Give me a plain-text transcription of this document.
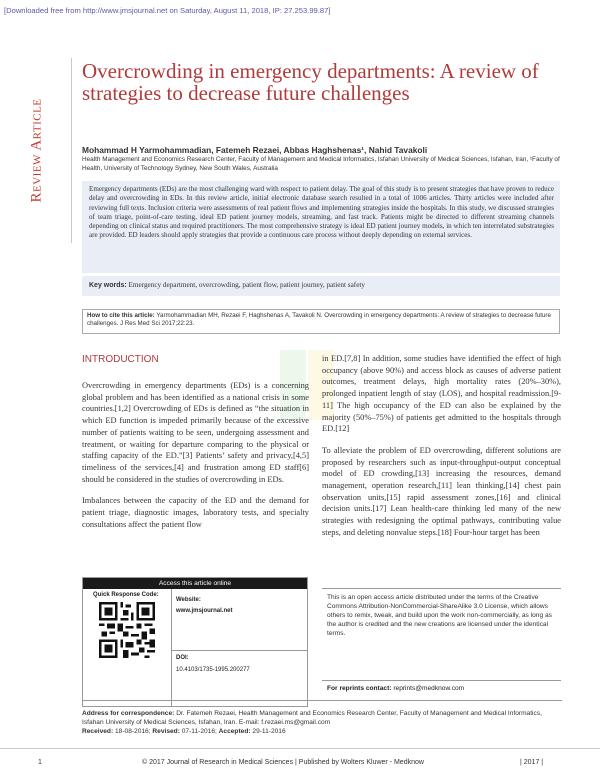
[Downloaded free from http://www.jmsjournal.net on Saturday, August 11, 2018, IP: 27.253.99.87]
Review Article
Overcrowding in emergency departments: A review of strategies to decrease future challenges
Mohammad H Yarmohammadian, Fatemeh Rezaei, Abbas Haghshenas¹, Nahid Tavakoli
Health Management and Economics Research Center, Faculty of Management and Medical Informatics, Isfahan University of Medical Sciences, Isfahan, Iran, ¹Faculty of Health, University of Technology Sydney, New South Wales, Australia
Emergency departments (EDs) are the most challenging ward with respect to patient delay. The goal of this study is to present strategies that have proven to reduce delay and overcrowding in EDs. In this review article, initial electronic database search resulted in a total of 1006 articles. Thirty articles were included after reviewing full texts. Inclusion criteria were assessments of real patient flows and implementing strategies inside the hospitals. In this study, we discussed strategies of team triage, point-of-care testing, ideal ED patient journey models, streaming, and fast track. Patients might be directed to different streaming channels depending on clinical status and required practitioners. The most comprehensive strategy is ideal ED patient journey models, in which ten interrelated substrategies are provided. ED leaders should apply strategies that provide a continuous care process without deeply depending on external services.
Key words: Emergency department, overcrowding, patient flow, patient journey, patient safety
How to cite this article: Yarmohammadian MH, Rezaei F, Haghshenas A, Tavakoli N. Overcrowding in emergency departments: A review of strategies to decrease future challenges. J Res Med Sci 2017;22:23.
INTRODUCTION

Overcrowding in emergency departments (EDs) is a concerning global problem and has been identified as a national crisis in some countries.[1,2] Overcrowding of EDs is defined as “the situation in which ED function is impeded primarily because of the excessive number of patients waiting to be seen, undergoing assessment and treatment, or waiting for departure comparing to the physical or staffing capacity of the ED.”[3] Patients’ safety and privacy,[4,5] timeliness of the services,[4] and frustration among ED staff[6] should be considered in the studies of overcrowding in EDs.

Imbalances between the capacity of the ED and the demand for patient triage, diagnostic images, laboratory tests, and specialty consultations affect the patient flow

in ED.[7,8] In addition, some studies have identified the effect of high occupancy (above 90%) and access block as causes of adverse patient outcomes, treatment delays, high mortality rates (20%–30%), prolonged inpatient length of stay (LOS), and hospital readmission.[9-11] The high occupancy of the ED can also be explained by the majority (50%–75%) of patients get admitted to the hospitals through ED.[12]

To alleviate the problem of ED overcrowding, different solutions are proposed by researchers such as input-throughput-output conceptual model of ED crowding,[13] increasing the resources, demand management, operation research,[11] lean thinking,[14] chest pain observation units,[15] rapid assessment zones,[16] and clinical decision units.[17] Lean health-care thinking led many of the new strategies with redesigning the optimal pathways, contributing value steps, and deleting nonvalue steps.[18] Four-hour target has been

Access this article online
Quick Response Code:
Website:
www.jmsjournal.net
DOI:
10.4103/1735-1995.200277
This is an open access article distributed under the terms of the Creative Commons Attribution-NonCommercial-ShareAlike 3.0 License, which allows others to remix, tweak, and build upon the work non-commercially, as long as the author is credited and the new creations are licensed under the identical terms.
For reprints contact: reprints@medknow.com
Address for correspondence: Dr. Fatemeh Rezaei, Health Management and Economics Research Center, Faculty of Management and Medical Informatics, Isfahan University of Medical Sciences, Isfahan, Iran. E-mail: f.rezaei.ms@gmail.com
Received: 18-08-2016; Revised: 07-11-2016; Accepted: 29-11-2016
1	© 2017 Journal of Research in Medical Sciences | Published by Wolters Kluwer - Medknow	| 2017 |
